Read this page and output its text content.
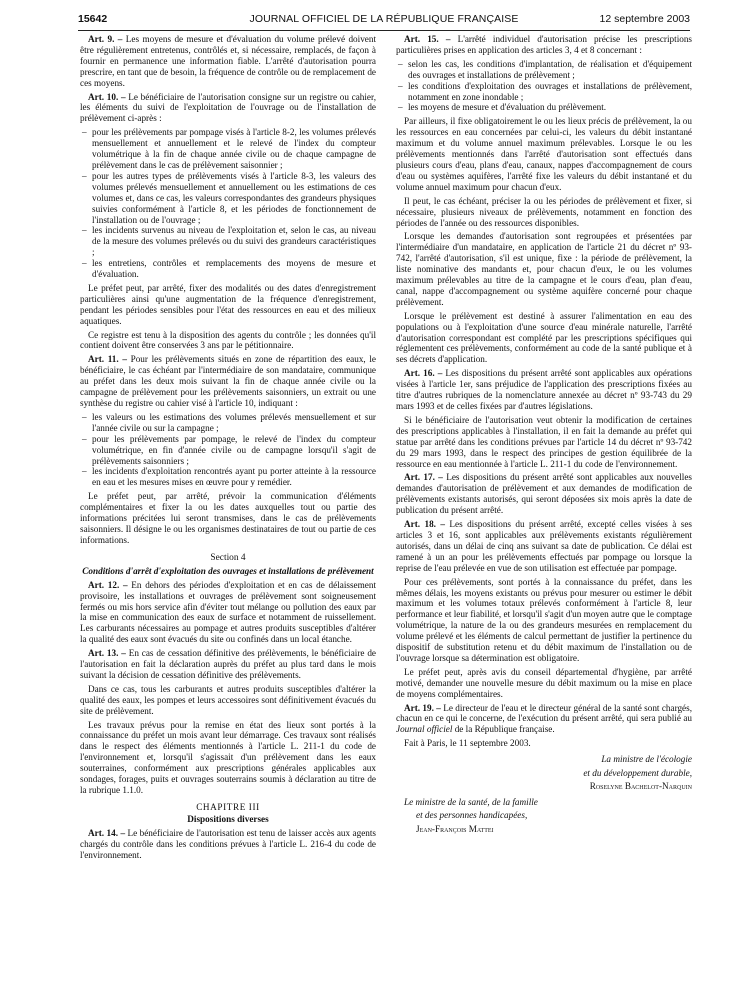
15642	JOURNAL OFFICIEL DE LA RÉPUBLIQUE FRANÇAISE	12 septembre 2003

Art. 9. – Les moyens de mesure et d'évaluation du volume prélevé doivent être régulièrement entretenus, contrôlés et, si nécessaire, remplacés, de façon à fournir en permanence une information fiable. L'arrêté d'autorisation pourra prescrire, en tant que de besoin, la fréquence de contrôle ou de remplacement de ces moyens.

Art. 10. – Le bénéficiaire de l'autorisation consigne sur un registre ou cahier, les éléments du suivi de l'exploitation de l'ouvrage ou de l'installation de prélèvement ci-après :

– pour les prélèvements par pompage visés à l'article 8-2, les volumes prélevés mensuellement et annuellement et le relevé de l'index du compteur volumétrique à la fin de chaque année civile ou de chaque campagne de prélèvement dans le cas de prélèvement saisonnier ;
– pour les autres types de prélèvements visés à l'article 8-3, les valeurs des volumes prélevés mensuellement et annuellement ou les estimations de ces volumes et, dans ce cas, les valeurs correspondantes des grandeurs physiques suivies conformément à l'article 8, et les périodes de fonctionnement de l'installation ou de l'ouvrage ;
– les incidents survenus au niveau de l'exploitation et, selon le cas, au niveau de la mesure des volumes prélevés ou du suivi des grandeurs caractéristiques ;
– les entretiens, contrôles et remplacements des moyens de mesure et d'évaluation.

Le préfet peut, par arrêté, fixer des modalités ou des dates d'enregistrement particulières ainsi qu'une augmentation de la fréquence d'enregistrement, pendant les périodes sensibles pour l'état des ressources en eau et des milieux aquatiques.

Ce registre est tenu à la disposition des agents du contrôle ; les données qu'il contient doivent être conservées 3 ans par le pétitionnaire.

Art. 11. – Pour les prélèvements situés en zone de répartition des eaux, le bénéficiaire, le cas échéant par l'intermédiaire de son mandataire, communique au préfet dans les deux mois suivant la fin de chaque année civile ou la campagne de prélèvement pour les prélèvements saisonniers, un extrait ou une synthèse du registre ou cahier visé à l'article 10, indiquant :

– les valeurs ou les estimations des volumes prélevés mensuellement et sur l'année civile ou sur la campagne ;
– pour les prélèvements par pompage, le relevé de l'index du compteur volumétrique, en fin d'année civile ou de campagne lorsqu'il s'agit de prélèvements saisonniers ;
– les incidents d'exploitation rencontrés ayant pu porter atteinte à la ressource en eau et les mesures mises en œuvre pour y remédier.

Le préfet peut, par arrêté, prévoir la communication d'éléments complémentaires et fixer la ou les dates auxquelles tout ou partie des informations précitées lui seront transmises, dans le cas de prélèvements saisonniers. Il désigne le ou les organismes destinataires de tout ou partie de ces informations.

Section 4
Conditions d'arrêt d'exploitation des ouvrages et installations de prélèvement

Art. 12. – En dehors des périodes d'exploitation et en cas de délaissement provisoire, les installations et ouvrages de prélèvement sont soigneusement fermés ou mis hors service afin d'éviter tout mélange ou pollution des eaux par la mise en communication des eaux de surface et notamment de ruissellement. Les carburants nécessaires au pompage et autres produits susceptibles d'altérer la qualité des eaux sont évacués du site ou confinés dans un local étanche.

Art. 13. – En cas de cessation définitive des prélèvements, le bénéficiaire de l'autorisation en fait la déclaration auprès du préfet au plus tard dans le mois suivant la décision de cessation définitive des prélèvements.

Dans ce cas, tous les carburants et autres produits susceptibles d'altérer la qualité des eaux, les pompes et leurs accessoires sont définitivement évacués du site de prélèvement.

Les travaux prévus pour la remise en état des lieux sont portés à la connaissance du préfet un mois avant leur démarrage. Ces travaux sont réalisés dans le respect des éléments mentionnés à l'article L. 211-1 du code de l'environnement et, lorsqu'il s'agissait d'un prélèvement dans les eaux souterraines, conformément aux prescriptions générales applicables aux sondages, forages, puits et ouvrages souterrains soumis à déclaration au titre de la rubrique 1.1.0.

CHAPITRE III
Dispositions diverses

Art. 14. – Le bénéficiaire de l'autorisation est tenu de laisser accès aux agents chargés du contrôle dans les conditions prévues à l'article L. 216-4 du code de l'environnement.

Art. 15. – L'arrêté individuel d'autorisation précise les prescriptions particulières prises en application des articles 3, 4 et 8 concernant :

– selon les cas, les conditions d'implantation, de réalisation et d'équipement des ouvrages et installations de prélèvement ;
– les conditions d'exploitation des ouvrages et installations de prélèvement, notamment en zone inondable ;
– les moyens de mesure et d'évaluation du prélèvement.

Par ailleurs, il fixe obligatoirement le ou les lieux précis de prélèvement, la ou les ressources en eau concernées par celui-ci, les valeurs du débit instantané maximum et du volume annuel maximum prélevables. Lorsque le ou les prélèvements mentionnés dans l'arrêté d'autorisation sont effectués dans plusieurs cours d'eau, plans d'eau, canaux, nappes d'accompagnement de cours d'eau ou systèmes aquifères, l'arrêté fixe les valeurs du débit instantané et du volume annuel maximum pour chacun d'eux.

Il peut, le cas échéant, préciser la ou les périodes de prélèvement et fixer, si nécessaire, plusieurs niveaux de prélèvements, notamment en fonction des périodes de l'année ou des ressources disponibles.

Lorsque les demandes d'autorisation sont regroupées et présentées par l'intermédiaire d'un mandataire, en application de l'article 21 du décret nº 93-742, l'arrêté d'autorisation, s'il est unique, fixe : la période de prélèvement, la liste nominative des mandants et, pour chacun d'eux, le ou les volumes maximum prélevables au titre de la campagne et le cours d'eau, plan d'eau, canal, nappe d'accompagnement ou système aquifère concerné pour chaque prélèvement.

Lorsque le prélèvement est destiné à assurer l'alimentation en eau des populations ou à l'exploitation d'une source d'eau minérale naturelle, l'arrêté d'autorisation correspondant est complété par les prescriptions spécifiques qui réglementent ces prélèvements, conformément au code de la santé publique et à ses décrets d'application.

Art. 16. – Les dispositions du présent arrêté sont applicables aux opérations visées à l'article 1er, sans préjudice de l'application des prescriptions fixées au titre d'autres rubriques de la nomenclature annexée au décret nº 93-743 du 29 mars 1993 et de celles fixées par d'autres législations.

Si le bénéficiaire de l'autorisation veut obtenir la modification de certaines des prescriptions applicables à l'installation, il en fait la demande au préfet qui statue par arrêté dans les conditions prévues par l'article 14 du décret nº 93-742 du 29 mars 1993, dans le respect des principes de gestion équilibrée de la ressource en eau mentionnée à l'article L. 211-1 du code de l'environnement.

Art. 17. – Les dispositions du présent arrêté sont applicables aux nouvelles demandes d'autorisation de prélèvement et aux demandes de modification de prélèvements existants autorisés, qui seront déposées six mois après la date de publication du présent arrêté.

Art. 18. – Les dispositions du présent arrêté, excepté celles visées à ses articles 3 et 16, sont applicables aux prélèvements existants régulièrement autorisés, dans un délai de cinq ans suivant sa date de publication. Ce délai est ramené à un an pour les prélèvements effectués par pompage ou lorsque la reprise de l'eau prélevée en vue de son utilisation est effectuée par pompage.

Pour ces prélèvements, sont portés à la connaissance du préfet, dans les mêmes délais, les moyens existants ou prévus pour mesurer ou estimer le débit maximum et les volumes totaux prélevés conformément à l'article 8, leur performance et leur fiabilité, et lorsqu'il s'agit d'un moyen autre que le comptage volumétrique, la nature de la ou des grandeurs mesurées en remplacement du volume prélevé et les éléments de calcul permettant de justifier la pertinence du dispositif de substitution retenu et du débit maximum de l'installation ou de l'ouvrage lorsque sa détermination est obligatoire.

Le préfet peut, après avis du conseil départemental d'hygiène, par arrêté motivé, demander une nouvelle mesure du débit maximum ou la mise en place de moyens complémentaires.

Art. 19. – Le directeur de l'eau et le directeur général de la santé sont chargés, chacun en ce qui le concerne, de l'exécution du présent arrêté, qui sera publié au Journal officiel de la République française.

Fait à Paris, le 11 septembre 2003.

La ministre de l'écologie

et du développement durable,

Roselyne Bachelot-Narquin

Le ministre de la santé, de la famille

et des personnes handicapées,

Jean-François Mattei
